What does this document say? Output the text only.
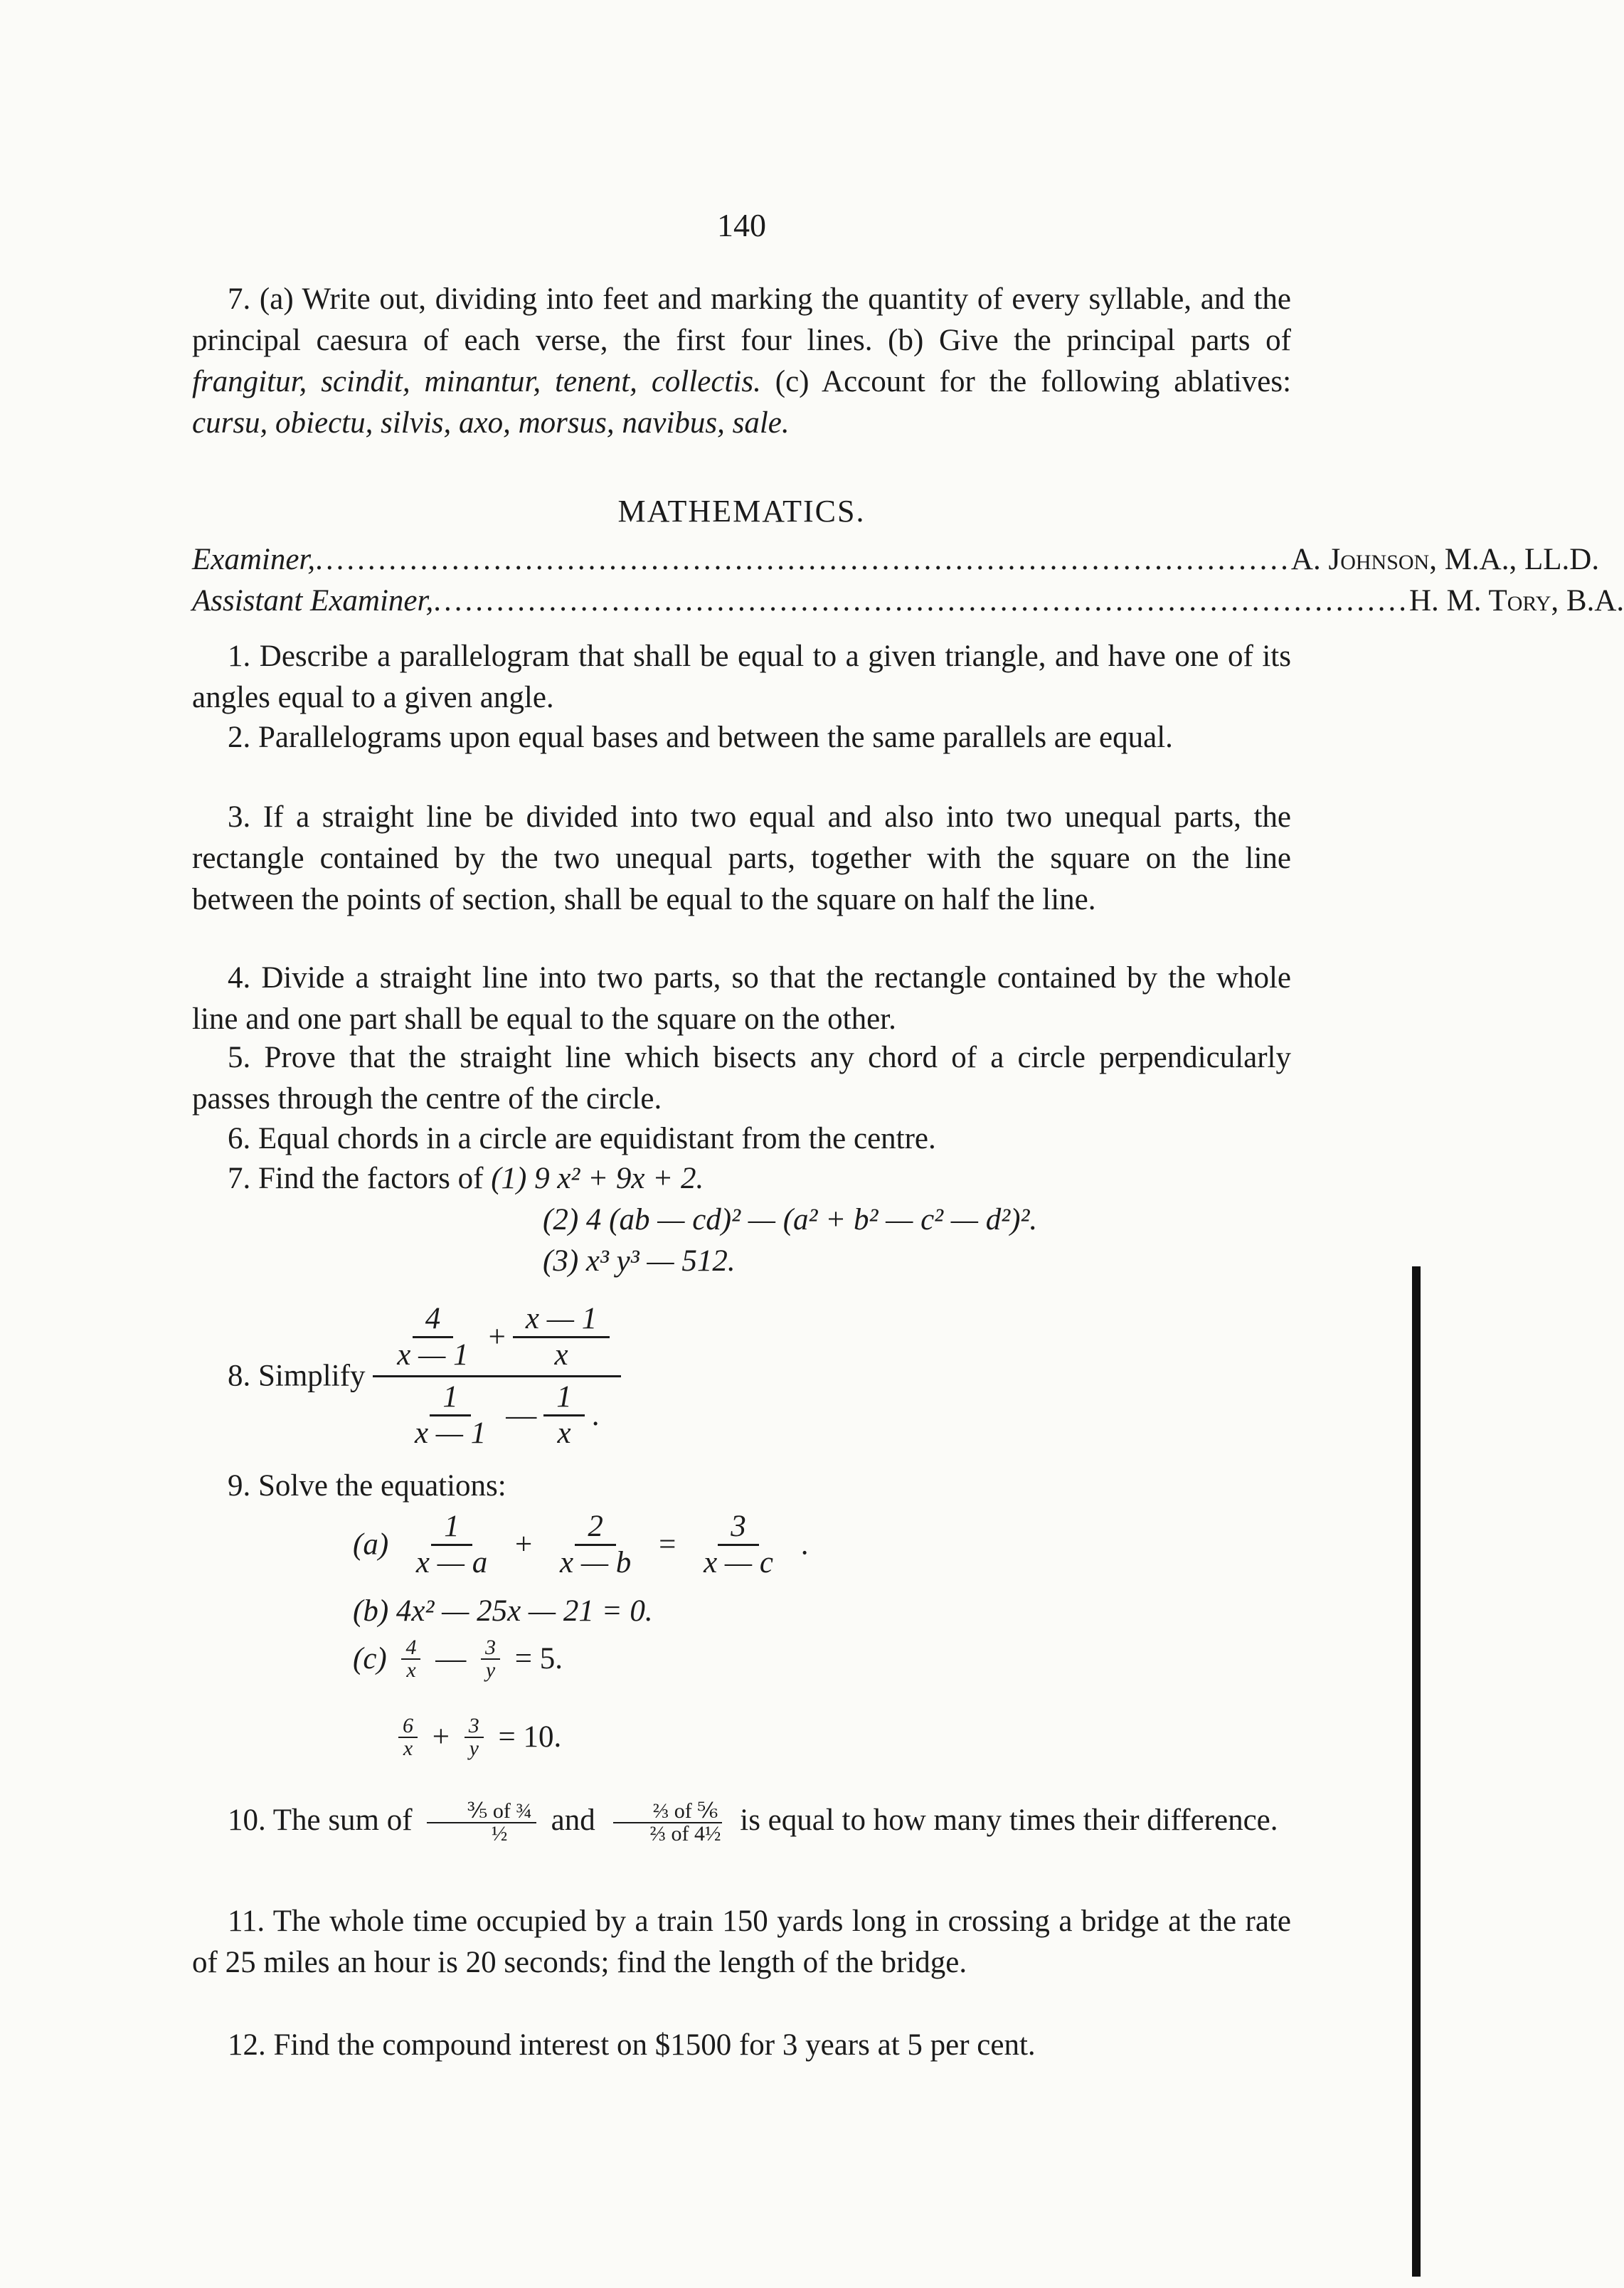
140
7. (a) Write out, dividing into feet and marking the quantity of every syllable, and the principal caesura of each verse, the first four lines. (b) Give the principal parts of frangitur, scindit, minantur, tenent, collectis. (c) Account for the following ablatives: cursu, obiectu, silvis, axo, morsus, navibus, sale.
MATHEMATICS.
Examiner, ............................................................................................. A. Johnson, M.A., LL.D.
Assistant Examiner, ............................................................................................. H. M. Tory, B.A.
1. Describe a parallelogram that shall be equal to a given triangle, and have one of its angles equal to a given angle.
2. Parallelograms upon equal bases and between the same parallels are equal.
3. If a straight line be divided into two equal and also into two unequal parts, the rectangle contained by the two unequal parts, together with the square on the line between the points of section, shall be equal to the square on half the line.
4. Divide a straight line into two parts, so that the rectangle contained by the whole line and one part shall be equal to the square on the other.
5. Prove that the straight line which bisects any chord of a circle perpendicularly passes through the centre of the circle.
6. Equal chords in a circle are equidistant from the centre.
7. Find the factors of (1) 9 x² + 9x + 2.
(2) 4 (ab — cd)² — (a² + b² — c² — d²)².
(3) x³ y³ — 512.
8. Simplify $\frac{\frac{4}{x — 1} + \frac{x — 1}{x}}{\frac{1}{x — 1} — \frac{1}{x} .}$
9. Solve the equations:
$(a) \frac{1}{x — a} + \frac{2}{x — b} = \frac{3}{x — c}$ .
(b) 4x² — 25x — 21 = 0.
$(c) \frac{4}{x}$ — $\frac{3}{y} = 5$.
$\frac{6}{x} + \frac{3}{y} = 10$.
10. The sum of $\frac{\text{⅗ of ¾}}{\text{½}}$ and $\frac{\text{⅔ of ⅚}}{\text{⅔ of 4½}}$ is equal to how many times their difference.
11. The whole time occupied by a train 150 yards long in crossing a bridge at the rate of 25 miles an hour is 20 seconds; find the length of the bridge.
12. Find the compound interest on $1500 for 3 years at 5 per cent.
